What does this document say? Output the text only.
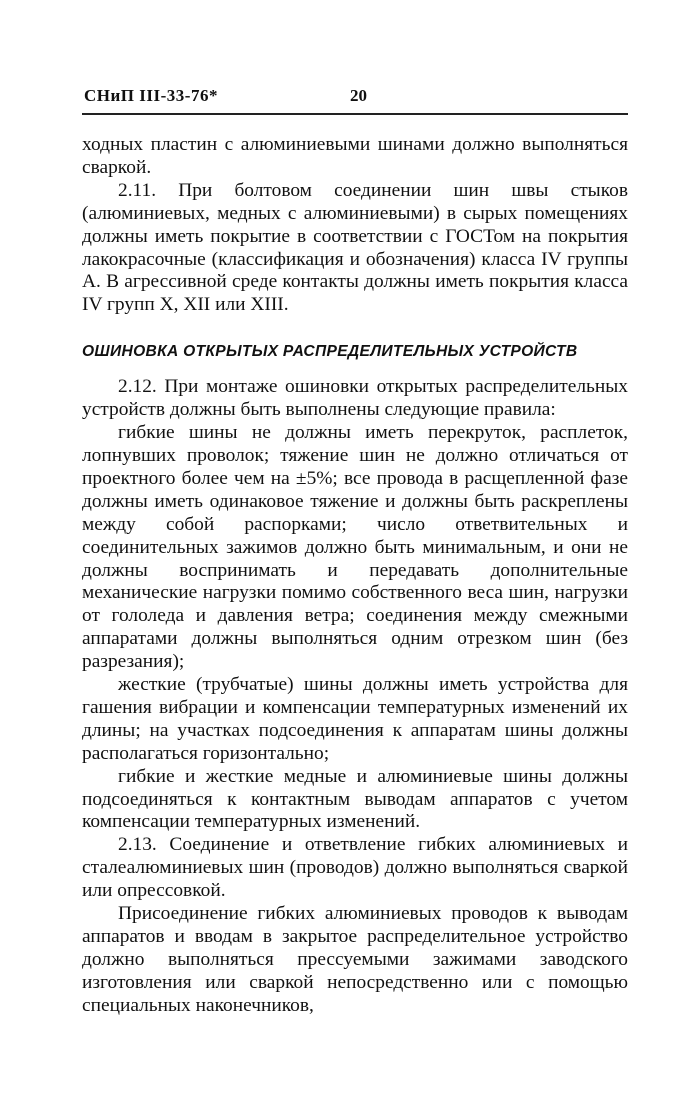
СНиП III-33-76*	20

ходных пластин с алюминиевыми шинами должно выполняться сваркой.

2.11. При болтовом соединении шин швы стыков (алюминиевых, медных с алюминиевыми) в сырых помещениях должны иметь покрытие в соответствии с ГОСТом на покрытия лакокрасочные (классификация и обозначения) класса IV группы А. В агрессивной среде контакты должны иметь покрытия класса IV групп X, XII или XIII.

ОШИНОВКА ОТКРЫТЫХ РАСПРЕДЕЛИТЕЛЬНЫХ УСТРОЙСТВ

2.12. При монтаже ошиновки открытых распределительных устройств должны быть выполнены следующие правила:

гибкие шины не должны иметь перекруток, расплеток, лопнувших проволок; тяжение шин не должно отличаться от проектного более чем на ±5%; все провода в расщепленной фазе должны иметь одинаковое тяжение и должны быть раскреплены между собой распорками; число ответвительных и соединительных зажимов должно быть минимальным, и они не должны воспринимать и передавать дополнительные механические нагрузки помимо собственного веса шин, нагрузки от гололеда и давления ветра; соединения между смежными аппаратами должны выполняться одним отрезком шин (без разрезания);

жесткие (трубчатые) шины должны иметь устройства для гашения вибрации и компенсации температурных изменений их длины; на участках подсоединения к аппаратам шины должны располагаться горизонтально;

гибкие и жесткие медные и алюминиевые шины должны подсоединяться к контактным выводам аппаратов с учетом компенсации температурных изменений.

2.13. Соединение и ответвление гибких алюминиевых и сталеалюминиевых шин (проводов) должно выполняться сваркой или опрессовкой.

Присоединение гибких алюминиевых проводов к выводам аппаратов и вводам в закрытое распределительное устройство должно выполняться прессуемыми зажимами заводского изготовления или сваркой непосредственно или с помощью специальных наконечников,
